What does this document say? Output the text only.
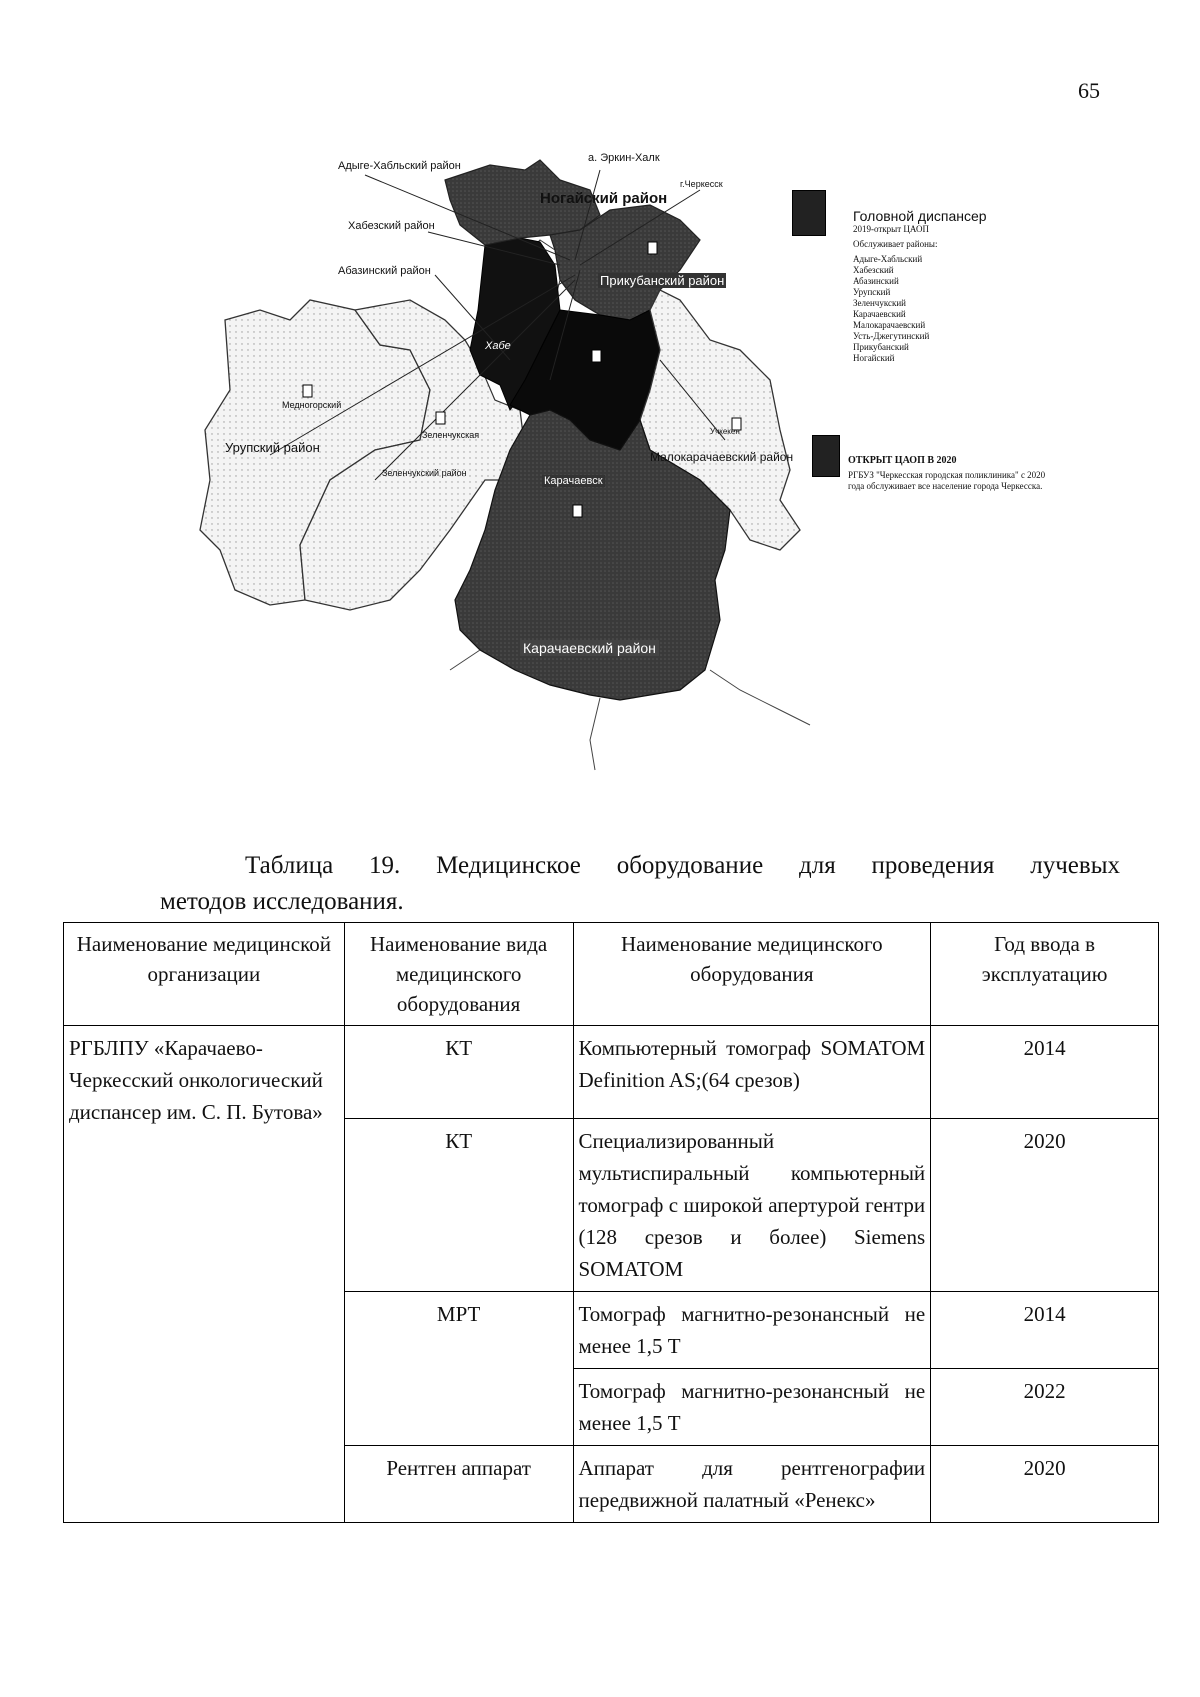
65
Адыге-Хабльский район
а. Эркин-Халк
г.Черкесск
Ногайский район
Хабезский район
Абазинский район
Прикубанский район
Хабе
Медногорский
Урупский район
Зеленчукская
Зеленчукский район
Учкекен
Малокарачаевский район
Карачаевск
Карачаевский район
Головной диспансер
2019-открыт ЦАОП
Обслуживает районы:
Адыге-Хабльский
Хабезский
Абазинский
Урупский
Зеленчукский
Карачаевский
Малокарачаевский
Усть-Джегутинский
Прикубанский
Ногайский
ОТКРЫТ ЦАОП В 2020
РГБУЗ "Черкесская городская поликлиника" с 2020 года обслуживает все население города Черкесска.
Таблица 19. Медицинское оборудование для проведения лучевых
методов исследования.
Наименование медицинской организации	Наименование вида медицинского оборудования	Наименование медицинского оборудования	Год ввода в эксплуатацию
РГБЛПУ «Карачаево-Черкесский онкологический диспансер им. С. П. Бутова»	КТ	Компьютерный томограф SOMATOM Definition AS;(64 срезов)	2014
	КТ	Специализированный мультиспиральный компьютерный томограф с широкой апертурой гентри (128 срезов и более) Siemens SOMATOM	2020
	МРТ	Томограф магнитно-резонансный не менее 1,5 Т	2014
		Томограф магнитно-резонансный не менее 1,5 Т	2022
	Рентген аппарат	Аппарат для рентгенографии передвижной палатный «Ренекс»	2020
